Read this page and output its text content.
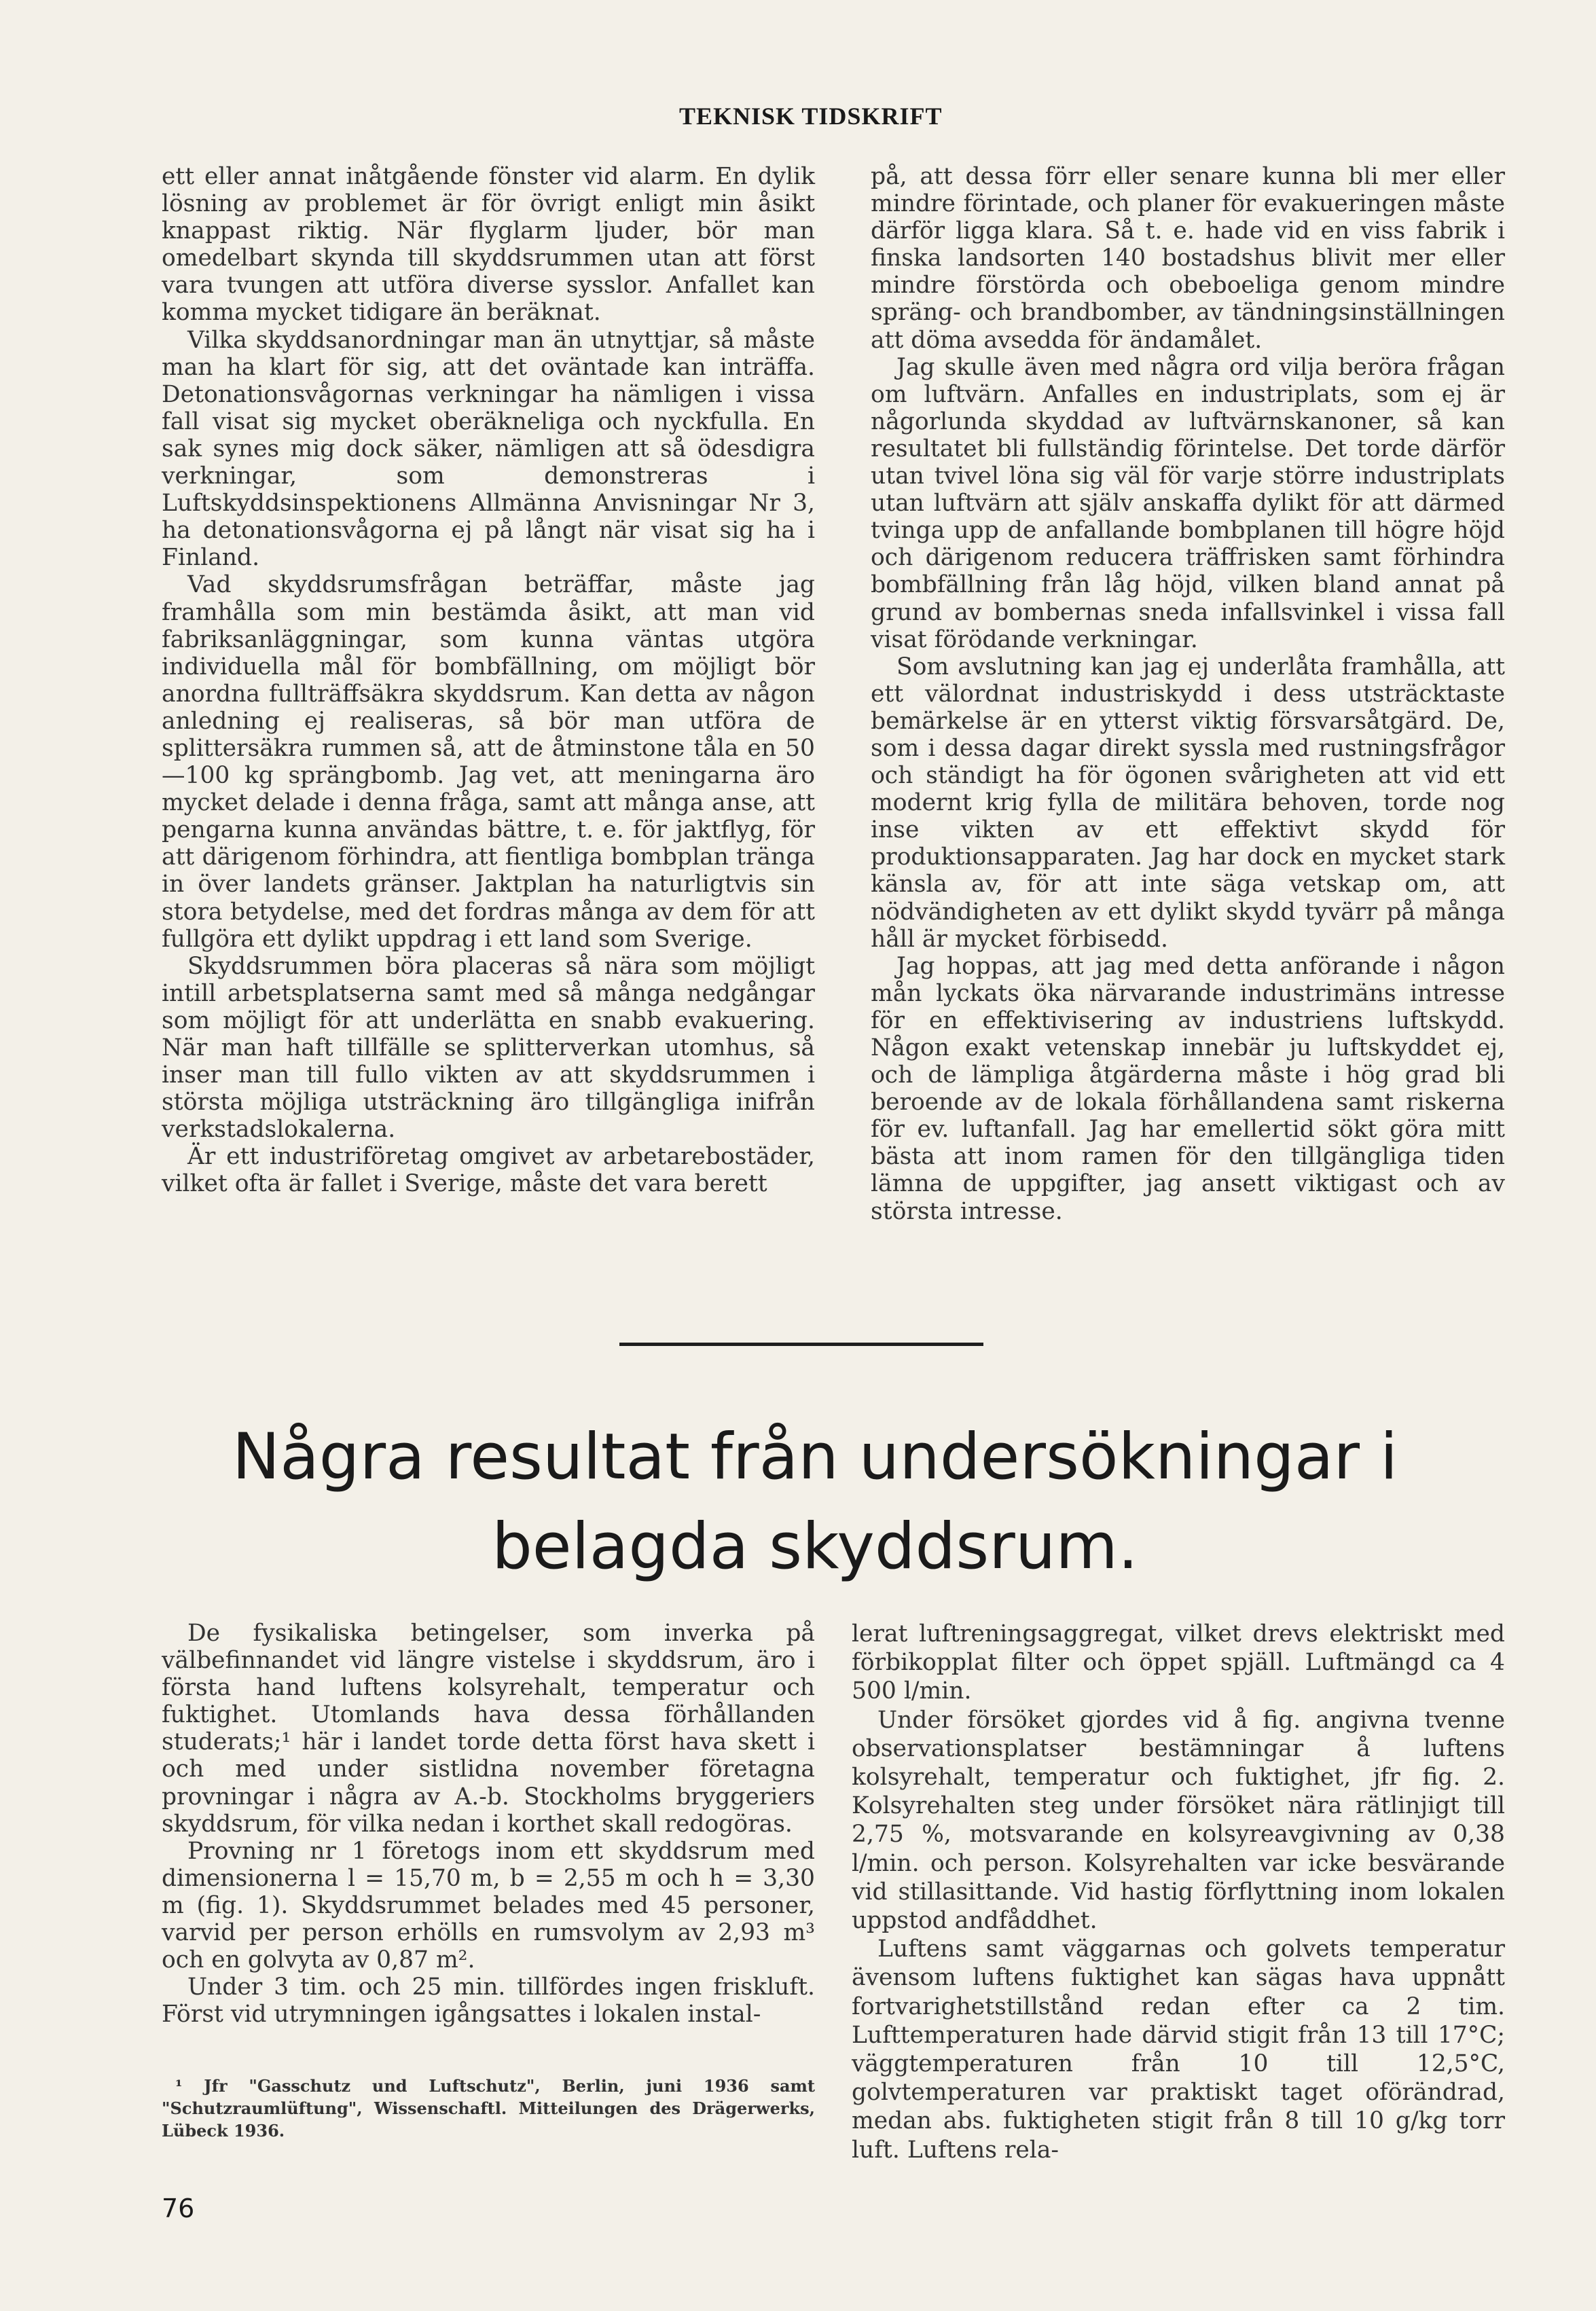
TEKNISK TIDSKRIFT

ett eller annat inåtgående fönster vid alarm. En dylik lösning av problemet är för övrigt enligt min åsikt knappast riktig. När flyglarm ljuder, bör man omedelbart skynda till skyddsrummen utan att först vara tvungen att utföra diverse sysslor. Anfallet kan komma mycket tidigare än beräknat.

Vilka skyddsanordningar man än utnyttjar, så måste man ha klart för sig, att det oväntade kan inträffa. Detonationsvågornas verkningar ha nämligen i vissa fall visat sig mycket oberäkneliga och nyckfulla. En sak synes mig dock säker, nämligen att så ödesdigra verkningar, som demonstreras i Luftskyddsinspektionens Allmänna Anvisningar Nr 3, ha detonationsvågorna ej på långt när visat sig ha i Finland.

Vad skyddsrumsfrågan beträffar, måste jag framhålla som min bestämda åsikt, att man vid fabriksanläggningar, som kunna väntas utgöra individuella mål för bombfällning, om möjligt bör anordna fullträffsäkra skyddsrum. Kan detta av någon anledning ej realiseras, så bör man utföra de splittersäkra rummen så, att de åtminstone tåla en 50—100 kg sprängbomb. Jag vet, att meningarna äro mycket delade i denna fråga, samt att många anse, att pengarna kunna användas bättre, t. e. för jaktflyg, för att därigenom förhindra, att fientliga bombplan tränga in över landets gränser. Jaktplan ha naturligtvis sin stora betydelse, med det fordras många av dem för att fullgöra ett dylikt uppdrag i ett land som Sverige.

Skyddsrummen böra placeras så nära som möjligt intill arbetsplatserna samt med så många nedgångar som möjligt för att underlätta en snabb evakuering. När man haft tillfälle se splitterverkan utomhus, så inser man till fullo vikten av att skyddsrummen i största möjliga utsträckning äro tillgängliga inifrån verkstadslokalerna.

Är ett industriföretag omgivet av arbetarebostäder, vilket ofta är fallet i Sverige, måste det vara berett

på, att dessa förr eller senare kunna bli mer eller mindre förintade, och planer för evakueringen måste därför ligga klara. Så t. e. hade vid en viss fabrik i finska landsorten 140 bostadshus blivit mer eller mindre förstörda och obeboeliga genom mindre spräng- och brandbomber, av tändningsinställningen att döma avsedda för ändamålet.

Jag skulle även med några ord vilja beröra frågan om luftvärn. Anfalles en industriplats, som ej är någorlunda skyddad av luftvärnskanoner, så kan resultatet bli fullständig förintelse. Det torde därför utan tvivel löna sig väl för varje större industriplats utan luftvärn att själv anskaffa dylikt för att därmed tvinga upp de anfallande bombplanen till högre höjd och därigenom reducera träffrisken samt förhindra bombfällning från låg höjd, vilken bland annat på grund av bombernas sneda infallsvinkel i vissa fall visat förödande verkningar.

Som avslutning kan jag ej underlåta framhålla, att ett välordnat industriskydd i dess utsträcktaste bemärkelse är en ytterst viktig försvarsåtgärd. De, som i dessa dagar direkt syssla med rustningsfrågor och ständigt ha för ögonen svårigheten att vid ett modernt krig fylla de militära behoven, torde nog inse vikten av ett effektivt skydd för produktionsapparaten. Jag har dock en mycket stark känsla av, för att inte säga vetskap om, att nödvändigheten av ett dylikt skydd tyvärr på många håll är mycket förbisedd.

Jag hoppas, att jag med detta anförande i någon mån lyckats öka närvarande industrimäns intresse för en effektivisering av industriens luftskydd. Någon exakt vetenskap innebär ju luftskyddet ej, och de lämpliga åtgärderna måste i hög grad bli beroende av de lokala förhållandena samt riskerna för ev. luftanfall. Jag har emellertid sökt göra mitt bästa att inom ramen för den tillgängliga tiden lämna de uppgifter, jag ansett viktigast och av största intresse.

Några resultat från undersökningar i belagda skyddsrum.

De fysikaliska betingelser, som inverka på välbefinnandet vid längre vistelse i skyddsrum, äro i första hand luftens kolsyrehalt, temperatur och fuktighet. Utomlands hava dessa förhållanden studerats;¹ här i landet torde detta först hava skett i och med under sistlidna november företagna provningar i några av A.-b. Stockholms bryggeriers skyddsrum, för vilka nedan i korthet skall redogöras.

Provning nr 1 företogs inom ett skyddsrum med dimensionerna l = 15,70 m, b = 2,55 m och h = 3,30 m (fig. 1). Skyddsrummet belades med 45 personer, varvid per person erhölls en rumsvolym av 2,93 m³ och en golvyta av 0,87 m².

Under 3 tim. och 25 min. tillfördes ingen friskluft. Först vid utrymningen igångsattes i lokalen instal-

lerat luftreningsaggregat, vilket drevs elektriskt med förbikopplat filter och öppet spjäll. Luftmängd ca 4 500 l/min.

Under försöket gjordes vid å fig. angivna tvenne observationsplatser bestämningar å luftens kolsyrehalt, temperatur och fuktighet, jfr fig. 2. Kolsyrehalten steg under försöket nära rätlinjigt till 2,75 %, motsvarande en kolsyreavgivning av 0,38 l/min. och person. Kolsyrehalten var icke besvärande vid stillasittande. Vid hastig förflyttning inom lokalen uppstod andfåddhet.

Luftens samt väggarnas och golvets temperatur ävensom luftens fuktighet kan sägas hava uppnått fortvarighetstillstånd redan efter ca 2 tim. Lufttemperaturen hade därvid stigit från 13 till 17°C; väggtemperaturen från 10 till 12,5°C, golvtemperaturen var praktiskt taget oförändrad, medan abs. fuktigheten stigit från 8 till 10 g/kg torr luft. Luftens rela-

¹ Jfr "Gasschutz und Luftschutz", Berlin, juni 1936 samt "Schutzraumlüftung", Wissenschaftl. Mitteilungen des Drägerwerks, Lübeck 1936.
76
